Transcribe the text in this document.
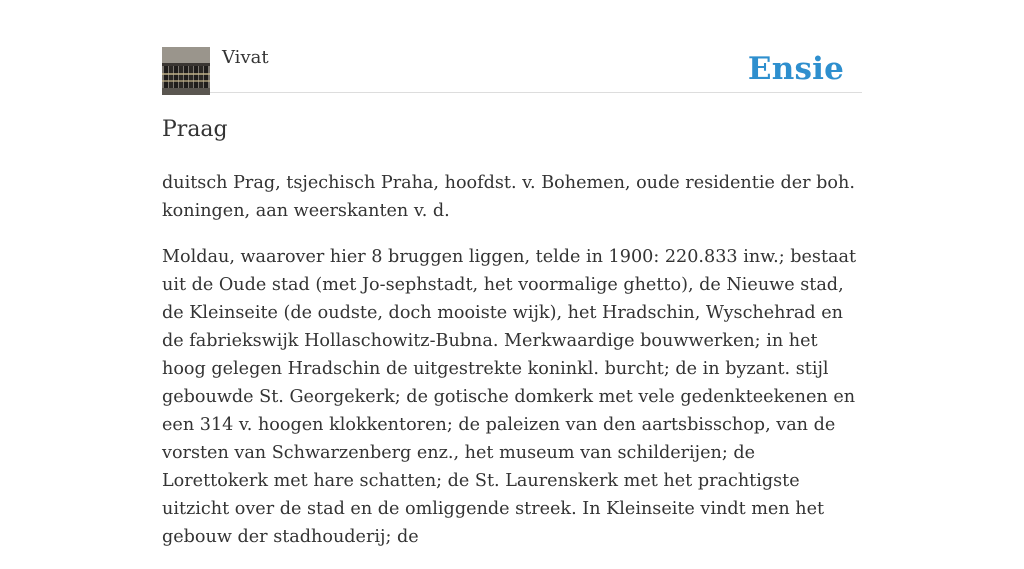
Vivat	Ensie
Praag

duitsch Prag, tsjechisch Praha, hoofdst. v. Bohemen, oude residentie der boh. koningen, aan weerskanten v. d.

Moldau, waarover hier 8 bruggen liggen, telde in 1900: 220.833 inw.; bestaat uit de Oude stad (met Jo-sephstadt, het voormalige ghetto), de Nieuwe stad, de Kleinseite (de oudste, doch mooiste wijk), het Hradschin, Wyschehrad en de fabriekswijk Hollaschowitz-Bubna. Merkwaardige bouwwerken; in het hoog gelegen Hradschin de uitgestrekte koninkl. burcht; de in byzant. stijl gebouwde St. Georgekerk; de gotische domkerk met vele gedenkteekenen en een 314 v. hoogen klokkentoren; de paleizen van den aartsbisschop, van de vorsten van Schwarzenberg enz., het museum van schilderijen; de Lorettokerk met hare schatten; de St. Laurenskerk met het prachtigste uitzicht over de stad en de omliggende streek. In Kleinseite vindt men het gebouw der stadhouderij; de
